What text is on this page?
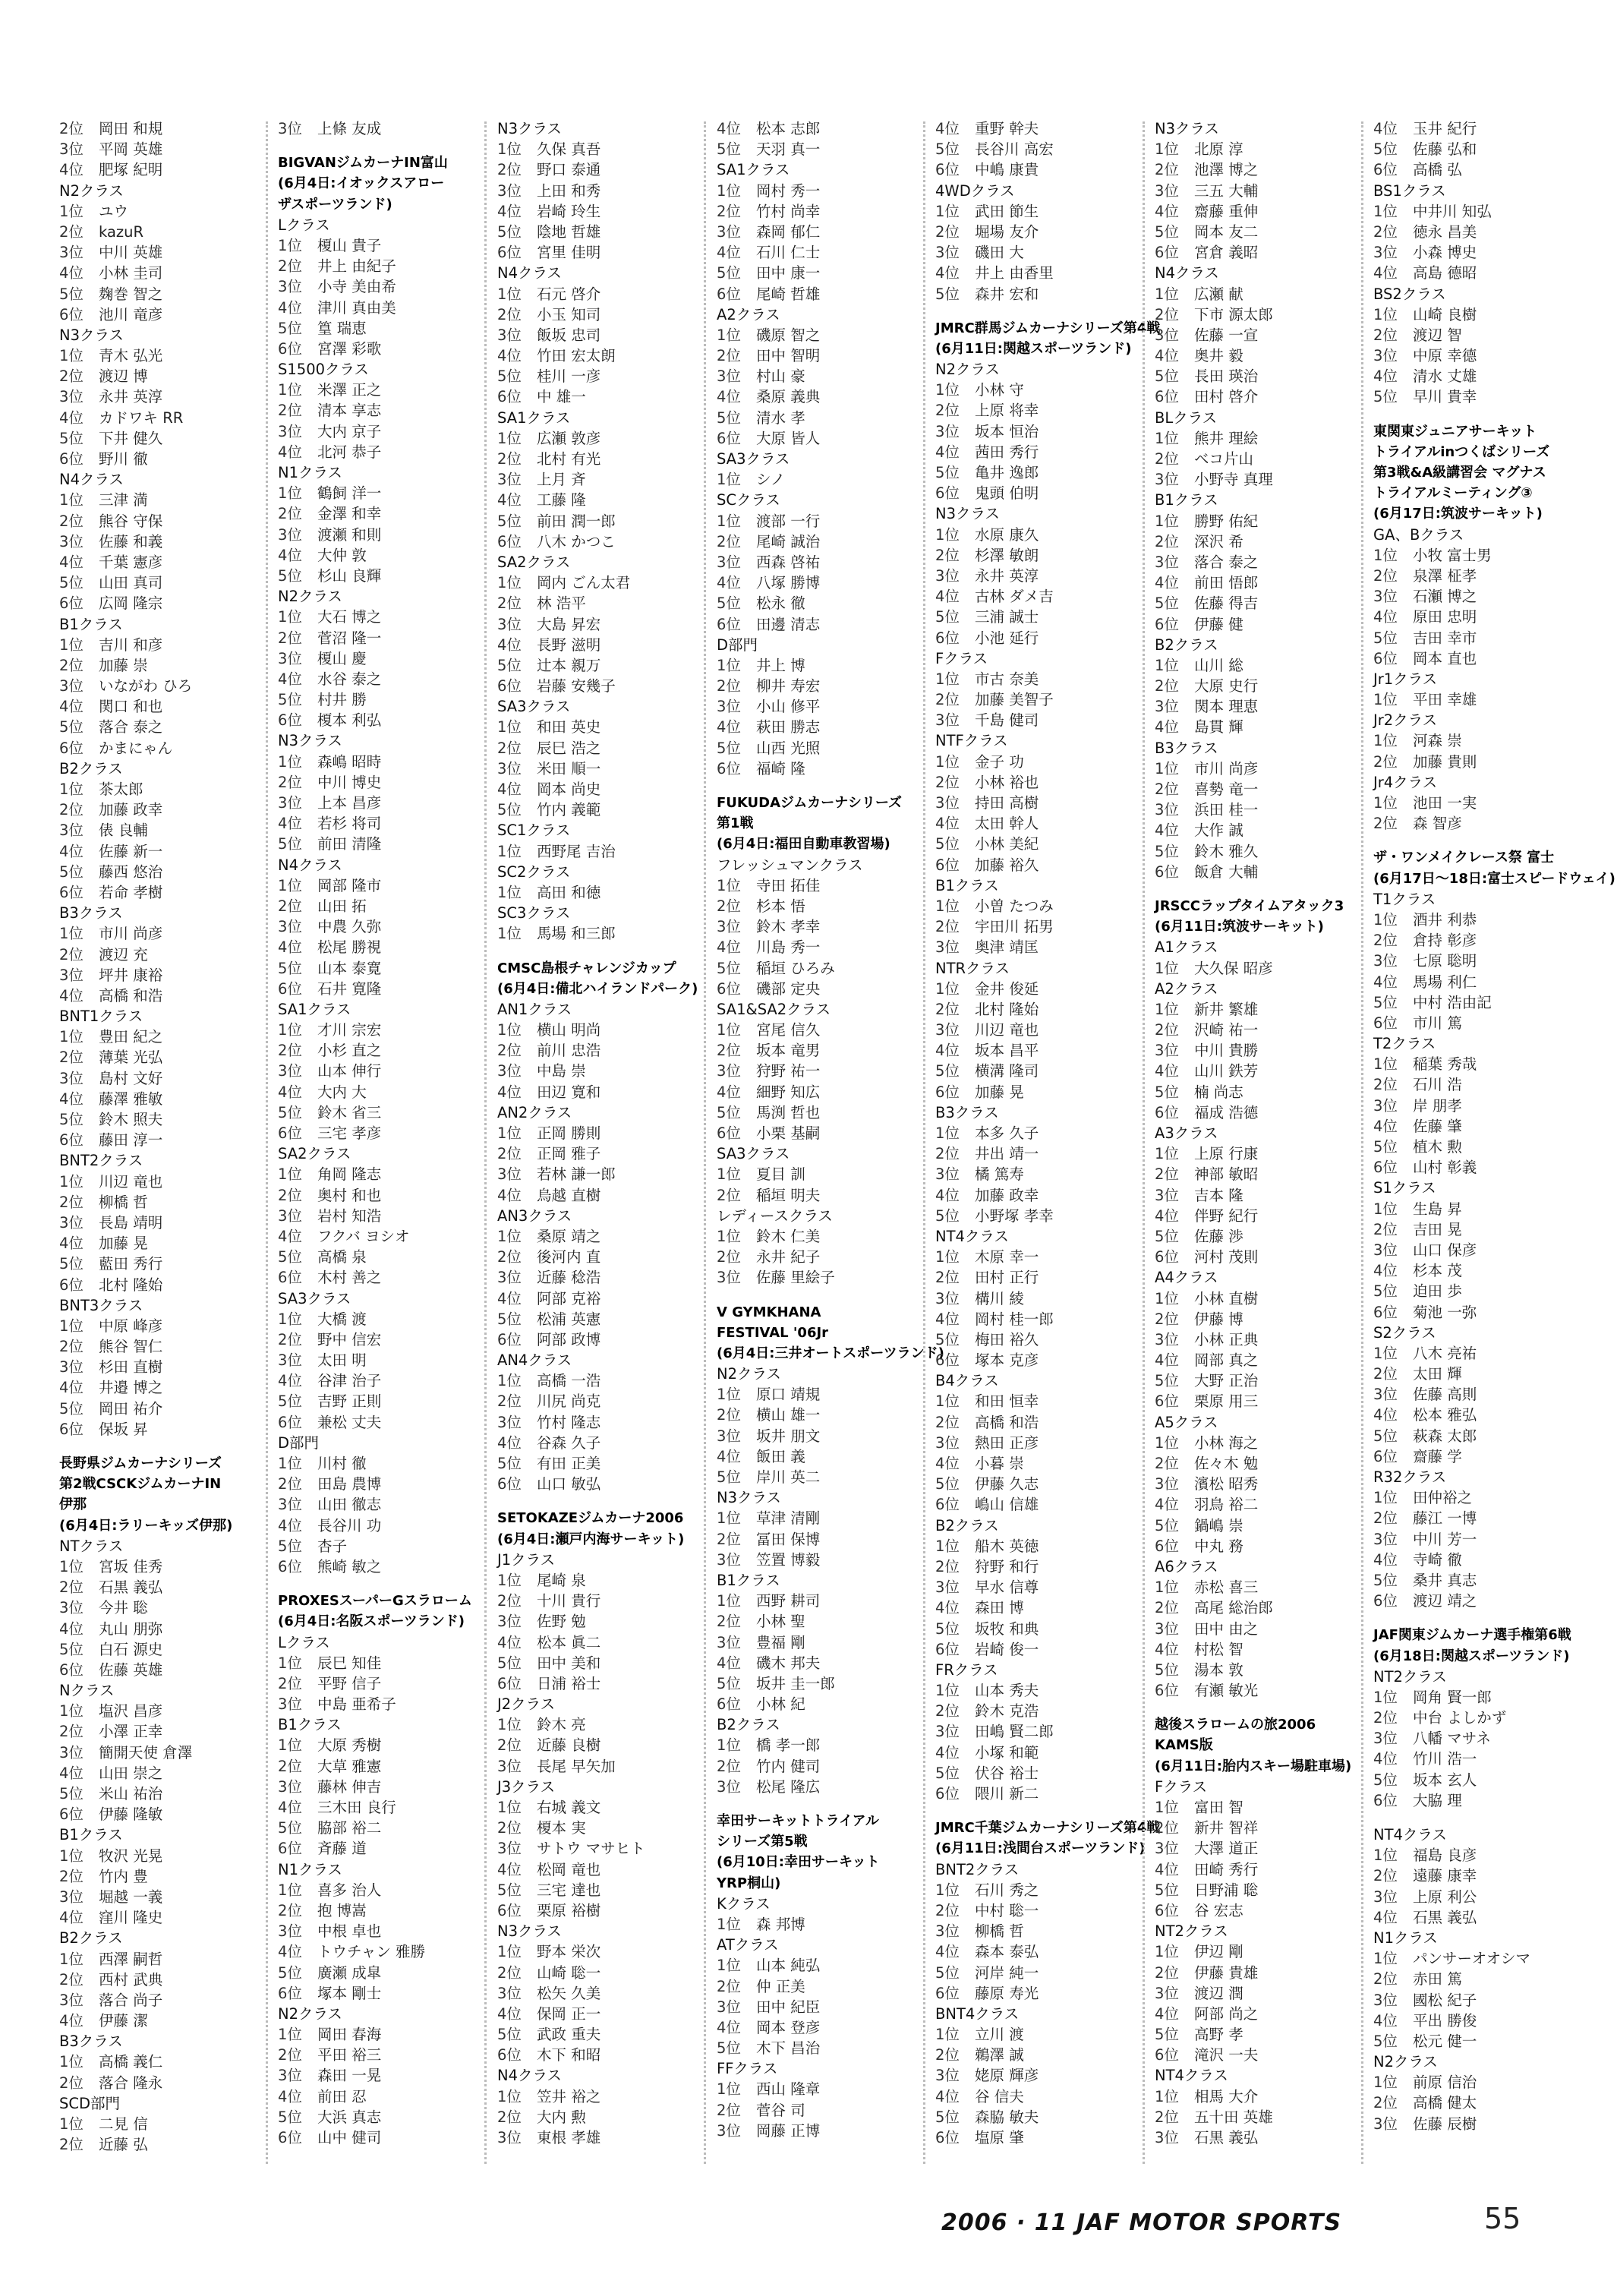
2位 岡田 和規
3位 平岡 英雄
4位 肥塚 紀明
N2クラス
1位 ユウ
2位 kazuR
3位 中川 英雄
4位 小林 圭司
5位 麹巻 智之
6位 池川 竜彦
N3クラス
1位 青木 弘光
2位 渡辺 博
3位 永井 英淳
4位 カドワキ RR
5位 下井 健久
6位 野川 徹
N4クラス
1位 三津 満
2位 熊谷 守保
3位 佐藤 和義
4位 千葉 憲彦
5位 山田 真司
6位 広岡 隆宗
B1クラス
1位 吉川 和彦
2位 加藤 崇
3位 いながわ ひろ
4位 関口 和也
5位 落合 泰之
6位 かまにゃん
B2クラス
1位 茶太郎
2位 加藤 政幸
3位 俵 良輔
4位 佐藤 新一
5位 藤西 悠治
6位 若命 孝樹
B3クラス
1位 市川 尚彦
2位 渡辺 充
3位 坪井 康裕
4位 高橋 和浩
BNT1クラス
1位 豊田 紀之
2位 薄葉 光弘
3位 島村 文好
4位 藤澤 雅敏
5位 鈴木 照夫
6位 藤田 淳一
BNT2クラス
1位 川辺 竜也
2位 柳橋 哲
3位 長島 靖明
4位 加藤 晃
5位 藍田 秀行
6位 北村 隆始
BNT3クラス
1位 中原 峰彦
2位 熊谷 智仁
3位 杉田 直樹
4位 井邉 博之
5位 岡田 祐介
6位 保坂 昇
長野県ジムカーナシリーズ
第2戦CSCKジムカーナIN
伊那
(6月4日:ラリーキッズ伊那)
NTクラス
1位 宮坂 佳秀
2位 石黒 義弘
3位 今井 聡
4位 丸山 朋弥
5位 白石 源史
6位 佐藤 英雄
Nクラス
1位 塩沢 昌彦
2位 小澤 正幸
3位 簡開天使 倉澤
4位 山田 崇之
5位 米山 祐治
6位 伊藤 隆敏
B1クラス
1位 牧沢 光晃
2位 竹内 豊
3位 堀越 一義
4位 窪川 隆史
B2クラス
1位 西澤 嗣哲
2位 西村 武典
3位 落合 尚子
4位 伊藤 潔
B3クラス
1位 高橋 義仁
2位 落合 隆永
SCD部門
1位 二見 信
2位 近藤 弘
3位 上條 友成
BIGVANジムカーナIN富山
(6月4日:イオックスアロー
ザスポーツランド)
Lクラス
1位 榎山 貴子
2位 井上 由紀子
3位 小寺 美由希
4位 津川 真由美
5位 篁 瑞恵
6位 宮澤 彩歌
S1500クラス
1位 米澤 正之
2位 清本 享志
3位 大内 京子
4位 北河 恭子
N1クラス
1位 鶴飼 洋一
2位 金澤 和幸
3位 渡瀬 和則
4位 大仲 敦
5位 杉山 良輝
N2クラス
1位 大石 博之
2位 菅沼 隆一
3位 榎山 慶
4位 水谷 泰之
5位 村井 勝
6位 榎本 利弘
N3クラス
1位 森嶋 昭時
2位 中川 博史
3位 上本 昌彦
4位 若杉 将司
5位 前田 清隆
N4クラス
1位 岡部 隆市
2位 山田 拓
3位 中農 久弥
4位 松尾 勝視
5位 山本 泰寛
6位 石井 寛隆
SA1クラス
1位 才川 宗宏
2位 小杉 直之
3位 山本 伸行
4位 大内 大
5位 鈴木 省三
6位 三宅 孝彦
SA2クラス
1位 角岡 隆志
2位 奥村 和也
3位 岩村 知浩
4位 フクバ ヨシオ
5位 高橋 泉
6位 木村 善之
SA3クラス
1位 大橋 渡
2位 野中 信宏
3位 太田 明
4位 谷津 治子
5位 吉野 正則
6位 兼松 丈夫
D部門
1位 川村 徹
2位 田島 農博
3位 山田 徹志
4位 長谷川 功
5位 杏子
6位 熊崎 敏之
PROXESスーパーGスラローム
(6月4日:名阪スポーツランド)
Lクラス
1位 辰巳 知佳
2位 平野 信子
3位 中島 亜希子
B1クラス
1位 大原 秀樹
2位 大草 雅憲
3位 藤林 伸吉
4位 三木田 良行
5位 脇部 裕二
6位 斉藤 道
N1クラス
1位 喜多 治人
2位 抱 博嵩
3位 中根 卓也
4位 トウチャン 雅勝
5位 廣瀬 成皐
6位 塚本 剛士
N2クラス
1位 岡田 春海
2位 平田 裕三
3位 森田 一晃
4位 前田 忍
5位 大浜 真志
6位 山中 健司
N3クラス
1位 久保 真吾
2位 野口 泰通
3位 上田 和秀
4位 岩崎 玲生
5位 陰地 哲雄
6位 宮里 佳明
N4クラス
1位 石元 啓介
2位 小玉 知司
3位 飯坂 忠司
4位 竹田 宏太朗
5位 桂川 一彦
6位 中 雄一
SA1クラス
1位 広瀬 敦彦
2位 北村 有光
3位 上月 斉
4位 工藤 隆
5位 前田 潤一郎
6位 八木 かつこ
SA2クラス
1位 岡内 ごん太君
2位 林 浩平
3位 大島 昇宏
4位 長野 滋明
5位 辻本 親万
6位 岩藤 安幾子
SA3クラス
1位 和田 英史
2位 辰巳 浩之
3位 米田 順一
4位 岡本 尚史
5位 竹内 義範
SC1クラス
1位 西野尾 吉治
SC2クラス
1位 高田 和徳
SC3クラス
1位 馬場 和三郎
CMSC島根チャレンジカップ
(6月4日:備北ハイランドパーク)
AN1クラス
1位 横山 明尚
2位 前川 忠浩
3位 中島 崇
4位 田辺 寛和
AN2クラス
1位 正岡 勝則
2位 正岡 雅子
3位 若林 謙一郎
4位 烏越 直樹
AN3クラス
1位 桑原 靖之
2位 後河内 直
3位 近藤 稔浩
4位 阿部 克裕
5位 松浦 英憲
6位 阿部 政博
AN4クラス
1位 高橋 一浩
2位 川尻 尚克
3位 竹村 隆志
4位 谷森 久子
5位 有田 正美
6位 山口 敏弘
SETOKAZEジムカーナ2006
(6月4日:瀬戸内海サーキット)
J1クラス
1位 尾崎 泉
2位 十川 貴行
3位 佐野 勉
4位 松本 眞二
5位 田中 美和
6位 日浦 裕士
J2クラス
1位 鈴木 亮
2位 近藤 良樹
3位 長尾 早矢加
J3クラス
1位 右城 義文
2位 榎本 実
3位 サトウ マサヒト
4位 松岡 竜也
5位 三宅 達也
6位 栗原 裕樹
N3クラス
1位 野本 栄次
2位 山崎 聡一
3位 松矢 久美
4位 保岡 正一
5位 武政 重夫
6位 木下 和昭
N4クラス
1位 笠井 裕之
2位 大内 勲
3位 東根 孝雄
4位 松本 志郎
5位 天羽 真一
SA1クラス
1位 岡村 秀一
2位 竹村 尚幸
3位 森岡 郁仁
4位 石川 仁士
5位 田中 康一
6位 尾崎 哲雄
A2クラス
1位 磯原 智之
2位 田中 智明
3位 村山 豪
4位 桑原 義典
5位 清水 孝
6位 大原 皆人
SA3クラス
1位 シノ
SCクラス
1位 渡部 一行
2位 尾崎 誠治
3位 西森 啓祐
4位 八塚 勝博
5位 松永 徹
6位 田邊 清志
D部門
1位 井上 博
2位 柳井 寿宏
3位 小山 修平
4位 萩田 勝志
5位 山西 光照
6位 福崎 隆
FUKUDAジムカーナシリーズ
第1戦
(6月4日:福田自動車教習場)
フレッシュマンクラス
1位 寺田 拓佳
2位 杉本 悟
3位 鈴木 孝幸
4位 川島 秀一
5位 稲垣 ひろみ
6位 磯部 定央
SA1&SA2クラス
1位 宮尾 信久
2位 坂本 竜男
3位 狩野 祐一
4位 細野 知広
5位 馬渕 哲也
6位 小栗 基嗣
SA3クラス
1位 夏目 訓
2位 稲垣 明夫
レディースクラス
1位 鈴木 仁美
2位 永井 紀子
3位 佐藤 里絵子
V GYMKHANA
FESTIVAL '06Jr
(6月4日:三井オートスポーツランド)
N2クラス
1位 原口 靖規
2位 横山 雄一
3位 坂井 朋文
4位 飯田 義
5位 岸川 英二
N3クラス
1位 草津 清剛
2位 冨田 保博
3位 笠置 博毅
B1クラス
1位 西野 耕司
2位 小林 聖
3位 豊福 剛
4位 磯木 邦夫
5位 坂井 圭一郎
6位 小林 紀
B2クラス
1位 橋 孝一郎
2位 竹内 健司
3位 松尾 隆広
幸田サーキットトライアル
シリーズ第5戦
(6月10日:幸田サーキット
YRP桐山)
Kクラス
1位 森 邦博
ATクラス
1位 山本 純弘
2位 仲 正美
3位 田中 紀臣
4位 岡本 登彦
5位 木下 昌治
FFクラス
1位 西山 隆章
2位 菅谷 司
3位 岡藤 正博
4位 重野 幹夫
5位 長谷川 高宏
6位 中嶋 康貴
4WDクラス
1位 武田 節生
2位 堀場 友介
3位 磯田 大
4位 井上 由香里
5位 森井 宏和
JMRC群馬ジムカーナシリーズ第4戦
(6月11日:関越スポーツランド)
N2クラス
1位 小林 守
2位 上原 将幸
3位 坂本 恒治
4位 茜田 秀行
5位 亀井 逸郎
6位 鬼頭 伯明
N3クラス
1位 水原 康久
2位 杉澤 敏朗
3位 永井 英淳
4位 古林 ダメ吉
5位 三浦 誠士
6位 小池 延行
Fクラス
1位 市古 奈美
2位 加藤 美智子
3位 千島 健司
NTFクラス
1位 金子 功
2位 小林 裕也
3位 持田 高樹
4位 太田 幹人
5位 小林 美紀
6位 加藤 裕久
B1クラス
1位 小曽 たつみ
2位 宇田川 拓男
3位 奥津 靖匡
NTRクラス
1位 金井 俊延
2位 北村 隆始
3位 川辺 竜也
4位 坂本 昌平
5位 横溝 隆司
6位 加藤 晃
B3クラス
1位 本多 久子
2位 井出 靖一
3位 橘 篤寿
4位 加藤 政幸
5位 小野塚 孝幸
NT4クラス
1位 木原 幸一
2位 田村 正行
3位 構川 綾
4位 岡村 桂一郎
5位 梅田 裕久
6位 塚本 克彦
B4クラス
1位 和田 恒幸
2位 高橋 和浩
3位 熱田 正彦
4位 小暮 崇
5位 伊藤 久志
6位 嶋山 信雄
B2クラス
1位 船木 英徳
2位 狩野 和行
3位 早水 信尊
4位 森田 博
5位 坂牧 和典
6位 岩崎 俊一
FRクラス
1位 山本 秀夫
2位 鈴木 克浩
3位 田嶋 賢二郎
4位 小塚 和範
5位 伏谷 裕士
6位 隈川 新二
JMRC千葉ジムカーナシリーズ第4戦
(6月11日:浅間台スポーツランド)
BNT2クラス
1位 石川 秀之
2位 中村 聡一
3位 柳橋 哲
4位 森本 泰弘
5位 河岸 純一
6位 藤原 寿光
BNT4クラス
1位 立川 渡
2位 鵜澤 誠
3位 姥原 輝彦
4位 谷 信夫
5位 森脇 敏夫
6位 塩原 肇
N3クラス
1位 北原 淳
2位 池澤 博之
3位 三五 大輔
4位 齋藤 重伸
5位 岡本 友二
6位 宮倉 義昭
N4クラス
1位 広瀬 献
2位 下市 源太郎
3位 佐藤 一宣
4位 奥井 毅
5位 長田 瑛治
6位 田村 啓介
BLクラス
1位 熊井 理絵
2位 ベコ片山
3位 小野寺 真理
B1クラス
1位 勝野 佑紀
2位 深沢 希
3位 落合 泰之
4位 前田 悟郎
5位 佐藤 得吉
6位 伊藤 健
B2クラス
1位 山川 総
2位 大原 史行
3位 関本 理恵
4位 島貫 輝
B3クラス
1位 市川 尚彦
2位 喜勢 竜一
3位 浜田 桂一
4位 大作 誠
5位 鈴木 雅久
6位 飯倉 大輔
JRSCCラップタイムアタック3
(6月11日:筑波サーキット)
A1クラス
1位 大久保 昭彦
A2クラス
1位 新井 繁雄
2位 沢崎 祐一
3位 中川 貴勝
4位 山川 鉄芳
5位 楠 尚志
6位 福成 浩德
A3クラス
1位 上原 行康
2位 神部 敏昭
3位 吉本 隆
4位 伴野 紀行
5位 佐藤 渉
6位 河村 茂則
A4クラス
1位 小林 直樹
2位 伊藤 博
3位 小林 正典
4位 岡部 真之
5位 大野 正治
6位 栗原 用三
A5クラス
1位 小林 海之
2位 佐々木 勉
3位 濱松 昭秀
4位 羽鳥 裕二
5位 鍋嶋 崇
6位 中丸 務
A6クラス
1位 赤松 喜三
2位 高尾 総治郎
3位 田中 由之
4位 村松 智
5位 湯本 敦
6位 有瀬 敏光
越後スラロームの旅2006
KAMS版
(6月11日:胎内スキー場駐車場)
Fクラス
1位 富田 智
2位 新井 智祥
3位 大澤 道正
4位 田崎 秀行
5位 日野浦 聡
6位 谷 宏志
NT2クラス
1位 伊辺 剛
2位 伊藤 貴雄
3位 渡辺 潤
4位 阿部 尚之
5位 高野 孝
6位 滝沢 一夫
NT4クラス
1位 相馬 大介
2位 五十田 英雄
3位 石黒 義弘
4位 玉井 紀行
5位 佐藤 弘和
6位 高橋 弘
BS1クラス
1位 中井川 知弘
2位 徳永 昌美
3位 小森 博史
4位 高島 德昭
BS2クラス
1位 山崎 良樹
2位 渡辺 智
3位 中原 幸德
4位 清水 丈雄
5位 早川 貴幸
東関東ジュニアサーキット
トライアルinつくばシリーズ
第3戦&A級講習会 マグナス
トライアルミーティング③
(6月17日:筑波サーキット)
GA、Bクラス
1位 小牧 富士男
2位 泉澤 柾孝
3位 石瀬 博之
4位 原田 忠明
5位 吉田 幸市
6位 岡本 直也
Jr1クラス
1位 平田 幸雄
Jr2クラス
1位 河森 崇
2位 加藤 貴則
Jr4クラス
1位 池田 一実
2位 森 智彦
ザ・ワンメイクレース祭 富士
(6月17日〜18日:富士スピードウェイ)
T1クラス
1位 酒井 利恭
2位 倉持 彰彦
3位 七原 聡明
4位 馬場 利仁
5位 中村 浩由記
6位 市川 篤
T2クラス
1位 稲葉 秀哉
2位 石川 浩
3位 岸 朋孝
4位 佐藤 肇
5位 植木 勲
6位 山村 彰義
S1クラス
1位 生島 昇
2位 吉田 晃
3位 山口 保彦
4位 杉本 茂
5位 迫田 歩
6位 菊池 一弥
S2クラス
1位 八木 亮祐
2位 太田 輝
3位 佐藤 高則
4位 松本 雅弘
5位 萩森 太郎
6位 齋藤 学
R32クラス
1位 田仲裕之
2位 藤江 一博
3位 中川 芳一
4位 寺崎 徹
5位 桑井 真志
6位 渡辺 靖之
JAF関東ジムカーナ選手権第6戦
(6月18日:関越スポーツランド)
NT2クラス
1位 岡角 賢一郎
2位 中台 よしかず
3位 八幡 マサネ
4位 竹川 浩一
5位 坂本 玄人
6位 大脇 理
NT4クラス
1位 福島 良彦
2位 遠藤 康幸
3位 上原 利公
4位 石黒 義弘
N1クラス
1位 パンサーオオシマ
2位 赤田 篤
3位 國松 紀子
4位 平出 勝俊
5位 松元 健一
N2クラス
1位 前原 信治
2位 高橋 健太
3位 佐藤 辰樹
2006 · 11 JAF MOTOR SPORTS	55
